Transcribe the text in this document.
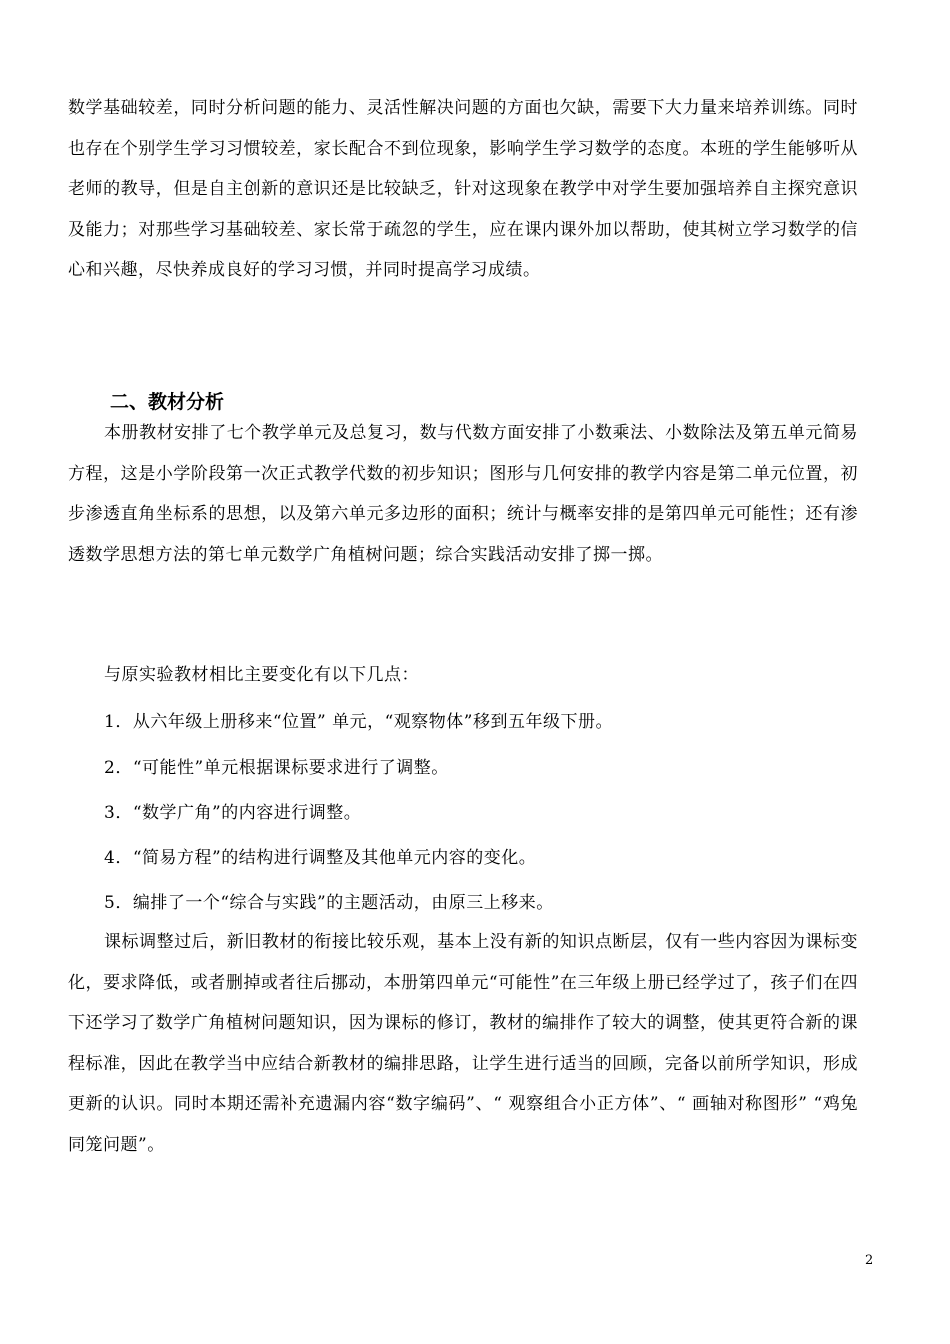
数学基础较差，同时分析问题的能力、灵活性解决问题的方面也欠缺，需要下大力量来培养训练。同时也存在个别学生学习习惯较差，家长配合不到位现象，影响学生学习数学的态度。本班的学生能够听从老师的教导，但是自主创新的意识还是比较缺乏，针对这现象在教学中对学生要加强培养自主探究意识及能力；对那些学习基础较差、家长常于疏忽的学生，应在课内课外加以帮助，使其树立学习数学的信心和兴趣，尽快养成良好的学习习惯，并同时提高学习成绩。

二、教材分析

本册教材安排了七个教学单元及总复习，数与代数方面安排了小数乘法、小数除法及第五单元简易方程，这是小学阶段第一次正式教学代数的初步知识；图形与几何安排的教学内容是第二单元位置，初步渗透直角坐标系的思想，以及第六单元多边形的面积；统计与概率安排的是第四单元可能性；还有渗透数学思想方法的第七单元数学广角植树问题；综合实践活动安排了掷一掷。

与原实验教材相比主要变化有以下几点：

1．从六年级上册移来“位置” 单元，“观察物体”移到五年级下册。

2．“可能性”单元根据课标要求进行了调整。

3．“数学广角”的内容进行调整。

4．“简易方程”的结构进行调整及其他单元内容的变化。

5．编排了一个“综合与实践”的主题活动，由原三上移来。

课标调整过后，新旧教材的衔接比较乐观，基本上没有新的知识点断层，仅有一些内容因为课标变化，要求降低，或者删掉或者往后挪动，本册第四单元“可能性”在三年级上册已经学过了，孩子们在四下还学习了数学广角植树问题知识，因为课标的修订，教材的编排作了较大的调整，使其更符合新的课程标准，因此在教学当中应结合新教材的编排思路，让学生进行适当的回顾，完备以前所学知识，形成更新的认识。同时本期还需补充遗漏内容“数字编码”、“ 观察组合小正方体”、“ 画轴对称图形” “鸡兔同笼问题”。

2
